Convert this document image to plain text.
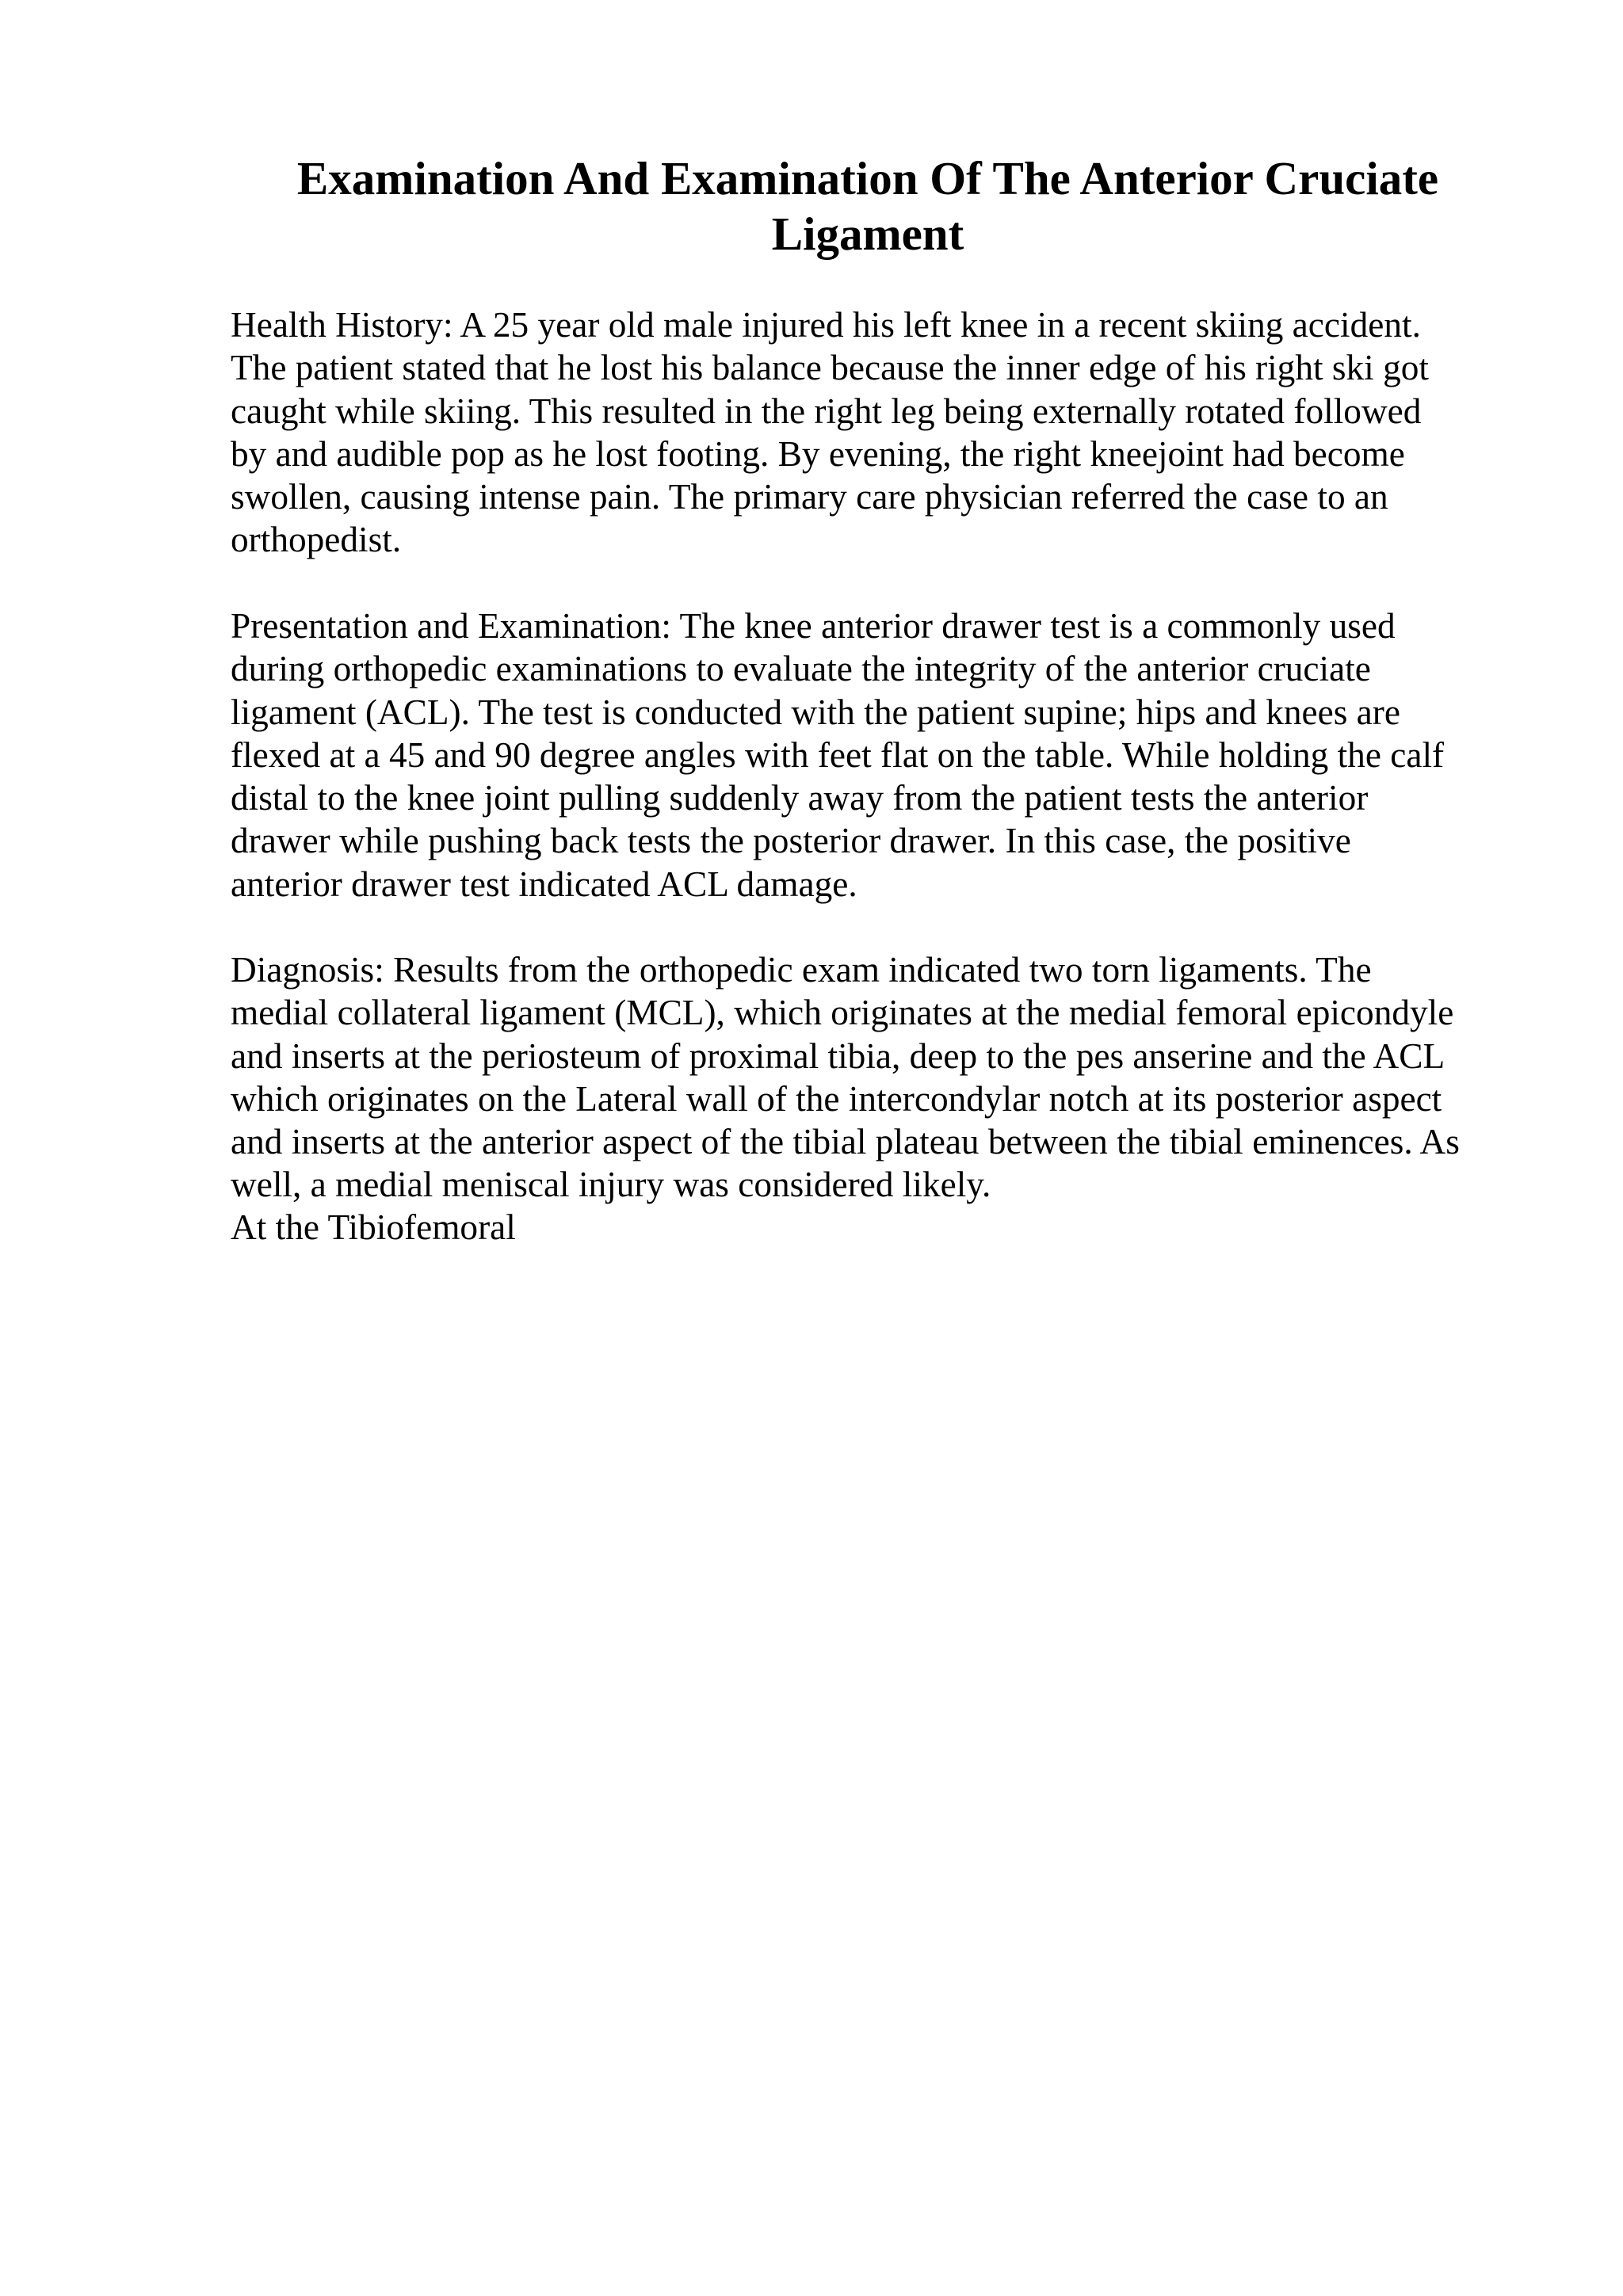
Examination And Examination Of The Anterior Cruciate
Ligament

Health History: A 25 year old male injured his left knee in a recent skiing accident.
The patient stated that he lost his balance because the inner edge of his right ski got
caught while skiing. This resulted in the right leg being externally rotated followed
by and audible pop as he lost footing. By evening, the right kneejoint had become
swollen, causing intense pain. The primary care physician referred the case to an
orthopedist.

Presentation and Examination: The knee anterior drawer test is a commonly used
during orthopedic examinations to evaluate the integrity of the anterior cruciate
ligament (ACL). The test is conducted with the patient supine; hips and knees are
flexed at a 45 and 90 degree angles with feet flat on the table. While holding the calf
distal to the knee joint pulling suddenly away from the patient tests the anterior
drawer while pushing back tests the posterior drawer. In this case, the positive
anterior drawer test indicated ACL damage.

Diagnosis: Results from the orthopedic exam indicated two torn ligaments. The
medial collateral ligament (MCL), which originates at the medial femoral epicondyle
and inserts at the periosteum of proximal tibia, deep to the pes anserine and the ACL
which originates on the Lateral wall of the intercondylar notch at its posterior aspect
and inserts at the anterior aspect of the tibial plateau between the tibial eminences. As
well, a medial meniscal injury was considered likely.

At the Tibiofemoral
